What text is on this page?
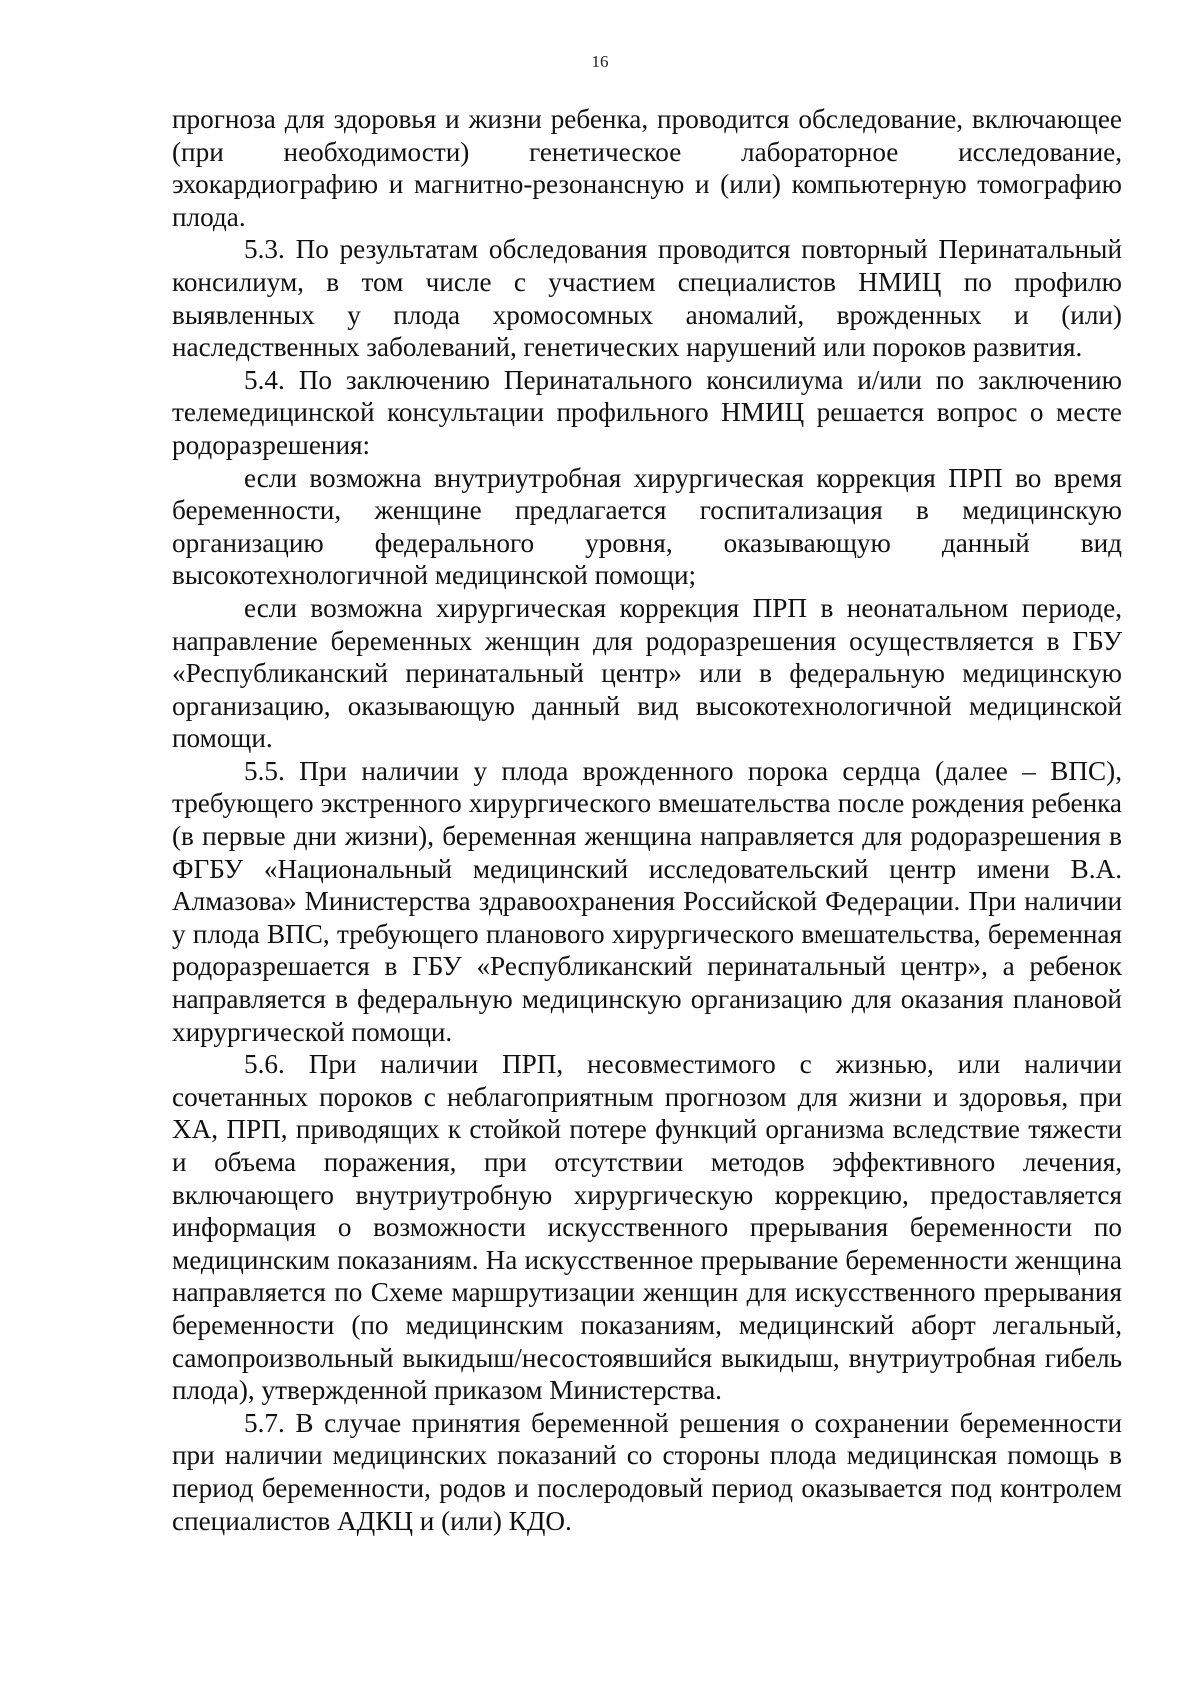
16

прогноза для здоровья и жизни ребенка, проводится обследование, включающее (при необходимости) генетическое лабораторное исследование, эхокардиографию и магнитно-резонансную и (или) компьютерную томографию плода.

5.3. По результатам обследования проводится повторный Перинатальный консилиум, в том числе с участием специалистов НМИЦ по профилю выявленных у плода хромосомных аномалий, врожденных и (или) наследственных заболеваний, генетических нарушений или пороков развития.

5.4. По заключению Перинатального консилиума и/или по заключению телемедицинской консультации профильного НМИЦ решается вопрос о месте родоразрешения:

если возможна внутриутробная хирургическая коррекция ПРП во время беременности, женщине предлагается госпитализация в медицинскую организацию федерального уровня, оказывающую данный вид высокотехнологичной медицинской помощи;

если возможна хирургическая коррекция ПРП в неонатальном периоде, направление беременных женщин для родоразрешения осуществляется в ГБУ «Республиканский перинатальный центр» или в федеральную медицинскую организацию, оказывающую данный вид высокотехнологичной медицинской помощи.

5.5. При наличии у плода врожденного порока сердца (далее – ВПС), требующего экстренного хирургического вмешательства после рождения ребенка (в первые дни жизни), беременная женщина направляется для родоразрешения в ФГБУ «Национальный медицинский исследовательский центр имени В.А. Алмазова» Министерства здравоохранения Российской Федерации. При наличии у плода ВПС, требующего планового хирургического вмешательства, беременная родоразрешается в ГБУ «Республиканский перинатальный центр», а ребенок направляется в федеральную медицинскую организацию для оказания плановой хирургической помощи.

5.6. При наличии ПРП, несовместимого с жизнью, или наличии сочетанных пороков с неблагоприятным прогнозом для жизни и здоровья, при ХА, ПРП, приводящих к стойкой потере функций организма вследствие тяжести и объема поражения, при отсутствии методов эффективного лечения, включающего внутриутробную хирургическую коррекцию, предоставляется информация о возможности искусственного прерывания беременности по медицинским показаниям. На искусственное прерывание беременности женщина направляется по Схеме маршрутизации женщин для искусственного прерывания беременности (по медицинским показаниям, медицинский аборт легальный, самопроизвольный выкидыш/несостоявшийся выкидыш, внутриутробная гибель плода), утвержденной приказом Министерства.

5.7. В случае принятия беременной решения о сохранении беременности при наличии медицинских показаний со стороны плода медицинская помощь в период беременности, родов и послеродовый период оказывается под контролем специалистов АДКЦ и (или) КДО.
